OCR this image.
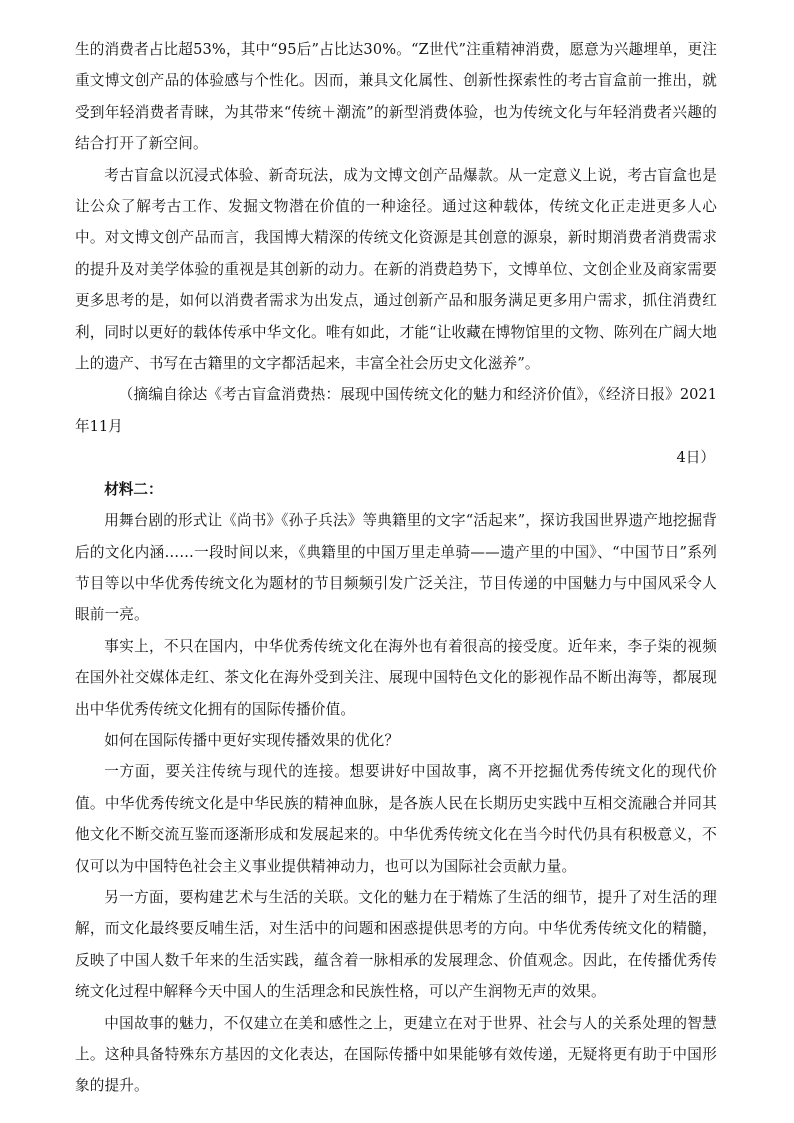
生的消费者占比超53%，其中“95后”占比达30%。“Z世代”注重精神消费，愿意为兴趣埋单，更注重文博文创产品的体验感与个性化。因而，兼具文化属性、创新性探索性的考古盲盒前一推出，就受到年轻消费者青睐，为其带来“传统＋潮流”的新型消费体验，也为传统文化与年轻消费者兴趣的结合打开了新空间。

考古盲盒以沉浸式体验、新奇玩法，成为文博文创产品爆款。从一定意义上说，考古盲盒也是让公众了解考古工作、发掘文物潜在价值的一种途径。通过这种载体，传统文化正走进更多人心中。对文博文创产品而言，我国博大精深的传统文化资源是其创意的源泉，新时期消费者消费需求的提升及对美学体验的重视是其创新的动力。在新的消费趋势下，文博单位、文创企业及商家需要更多思考的是，如何以消费者需求为出发点，通过创新产品和服务满足更多用户需求，抓住消费红利，同时以更好的载体传承中华文化。唯有如此，才能“让收藏在博物馆里的文物、陈列在广阔大地上的遗产、书写在古籍里的文字都活起来，丰富全社会历史文化滋养”。

（摘编自徐达《考古盲盒消费热：展现中国传统文化的魅力和经济价值》，《经济日报》2021年11月

4日）

材料二：

用舞台剧的形式让《尚书》《孙子兵法》等典籍里的文字“活起来”，探访我国世界遗产地挖掘背后的文化内涵……一段时间以来，《典籍里的中国万里走单骑——遗产里的中国》、“中国节日”系列节目等以中华优秀传统文化为题材的节目频频引发广泛关注，节目传递的中国魅力与中国风采令人眼前一亮。

事实上，不只在国内，中华优秀传统文化在海外也有着很高的接受度。近年来，李子柒的视频在国外社交媒体走红、茶文化在海外受到关注、展现中国特色文化的影视作品不断出海等，都展现出中华优秀传统文化拥有的国际传播价值。

如何在国际传播中更好实现传播效果的优化？

一方面，要关注传统与现代的连接。想要讲好中国故事，离不开挖掘优秀传统文化的现代价值。中华优秀传统文化是中华民族的精神血脉，是各族人民在长期历史实践中互相交流融合并同其他文化不断交流互鉴而逐渐形成和发展起来的。中华优秀传统文化在当今时代仍具有积极意义，不仅可以为中国特色社会主义事业提供精神动力，也可以为国际社会贡献力量。

另一方面，要构建艺术与生活的关联。文化的魅力在于精炼了生活的细节，提升了对生活的理解，而文化最终要反哺生活，对生活中的问题和困惑提供思考的方向。中华优秀传统文化的精髓，反映了中国人数千年来的生活实践，蕴含着一脉相承的发展理念、价值观念。因此，在传播优秀传统文化过程中解释今天中国人的生活理念和民族性格，可以产生润物无声的效果。

中国故事的魅力，不仅建立在美和感性之上，更建立在对于世界、社会与人的关系处理的智慧上。这种具备特殊东方基因的文化表达，在国际传播中如果能够有效传递，无疑将更有助于中国形象的提升。
